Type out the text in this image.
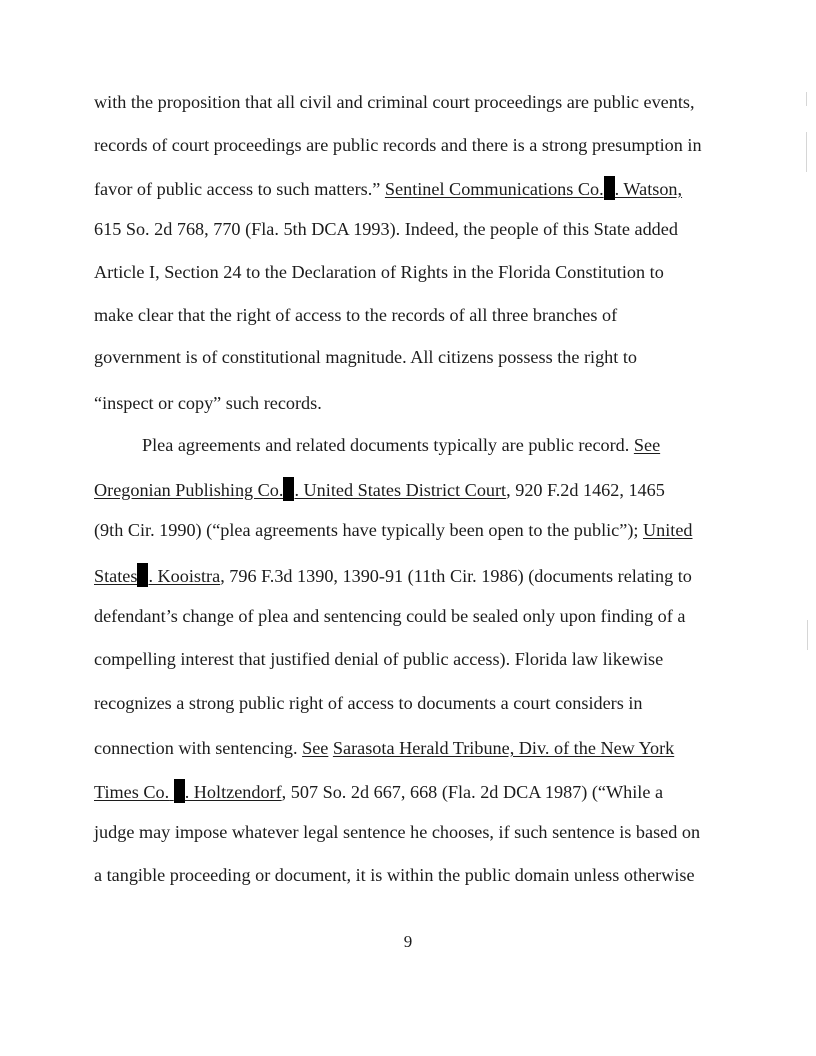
with the proposition that all civil and criminal court proceedings are public events,
records of court proceedings are public records and there is a strong presumption in
favor of public access to such matters.” Sentinel Communications Co. . Watson,
615 So. 2d 768, 770 (Fla. 5th DCA 1993). Indeed, the people of this State added
Article I, Section 24 to the Declaration of Rights in the Florida Constitution to
make clear that the right of access to the records of all three branches of
government is of constitutional magnitude. All citizens possess the right to
“inspect or copy” such records.
Plea agreements and related documents typically are public record. See
Oregonian Publishing Co. . United States District Court, 920 F.2d 1462, 1465
(9th Cir. 1990) (“plea agreements have typically been open to the public”); United
States . Kooistra, 796 F.3d 1390, 1390-91 (11th Cir. 1986) (documents relating to
defendant’s change of plea and sentencing could be sealed only upon finding of a
compelling interest that justified denial of public access). Florida law likewise
recognizes a strong public right of access to documents a court considers in
connection with sentencing. See Sarasota Herald Tribune, Div. of the New York
Times Co. . Holtzendorf, 507 So. 2d 667, 668 (Fla. 2d DCA 1987) (“While a
judge may impose whatever legal sentence he chooses, if such sentence is based on
a tangible proceeding or document, it is within the public domain unless otherwise
9
